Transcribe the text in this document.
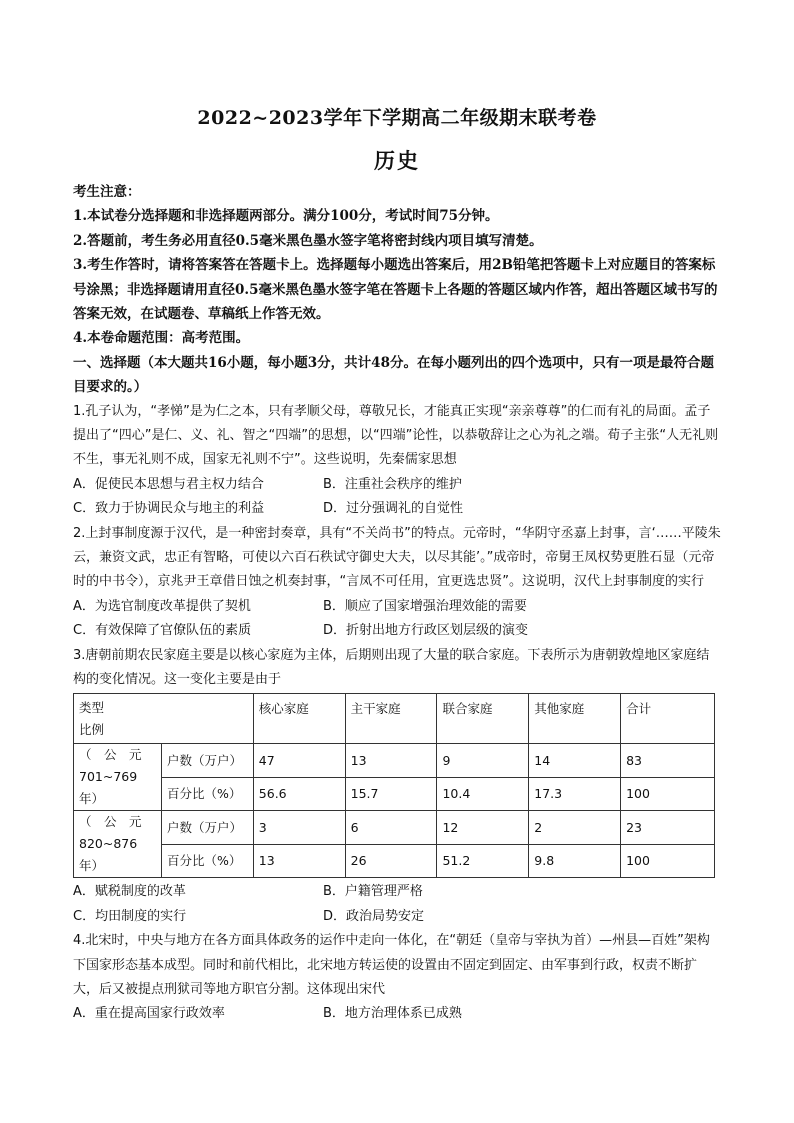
2022~2023学年下学期高二年级期末联考卷
历史

考生注意：

1.本试卷分选择题和非选择题两部分。满分100分，考试时间75分钟。

2.答题前，考生务必用直径0.5毫米黑色墨水签字笔将密封线内项目填写清楚。

3.考生作答时，请将答案答在答题卡上。选择题每小题选出答案后，用2B铅笔把答题卡上对应题目的答案标号涂黑；非选择题请用直径0.5毫米黑色墨水签字笔在答题卡上各题的答题区域内作答，超出答题区域书写的答案无效，在试题卷、草稿纸上作答无效。

4.本卷命题范围：高考范围。

一、选择题（本大题共16小题，每小题3分，共计48分。在每小题列出的四个选项中，只有一项是最符合题目要求的。）

1.孔子认为，“孝悌”是为仁之本，只有孝顺父母，尊敬兄长，才能真正实现“亲亲尊尊”的仁而有礼的局面。孟子提出了“四心”是仁、义、礼、智之“四端”的思想，以“四端”论性，以恭敬辞让之心为礼之端。荀子主张“人无礼则不生，事无礼则不成，国家无礼则不宁”。这些说明，先秦儒家思想

A．促使民本思想与君主权力结合	B．注重社会秩序的维护
C．致力于协调民众与地主的利益	D．过分强调礼的自觉性

2.上封事制度源于汉代，是一种密封奏章，具有“不关尚书”的特点。元帝时，“华阴守丞嘉上封事，言‘……平陵朱云，兼资文武，忠正有智略，可使以六百石秩试守御史大夫，以尽其能’。”成帝时，帝舅王凤权势更胜石显（元帝时的中书令），京兆尹王章借日蚀之机奏封事，“言凤不可任用，宜更选忠贤”。这说明，汉代上封事制度的实行

A．为选官制度改革提供了契机	B．顺应了国家增强治理效能的需要
C．有效保障了官僚队伍的素质	D．折射出地方行政区划层级的演变

3.唐朝前期农民家庭主要是以核心家庭为主体，后期则出现了大量的联合家庭。下表所示为唐朝敦煌地区家庭结构的变化情况。这一变化主要是由于

类型
比例		核心家庭	主干家庭	联合家庭	其他家庭	合计

（　公　元
701~769年）	户数（万户）	47	13	9	14	83
	百分比（%）	56.6	15.7	10.4	17.3	100

（　公　元
820~876年）	户数（万户）	3	6	12	2	23
	百分比（%）	13	26	51.2	9.8	100
A．赋税制度的改革	B．户籍管理严格
C．均田制度的实行	D．政治局势安定

4.北宋时，中央与地方在各方面具体政务的运作中走向一体化，在“朝廷（皇帝与宰执为首）—州县—百姓”架构下国家形态基本成型。同时和前代相比，北宋地方转运使的设置由不固定到固定、由军事到行政，权责不断扩大，后又被提点刑狱司等地方职官分割。这体现出宋代

A．重在提高国家行政效率	B．地方治理体系已成熟
